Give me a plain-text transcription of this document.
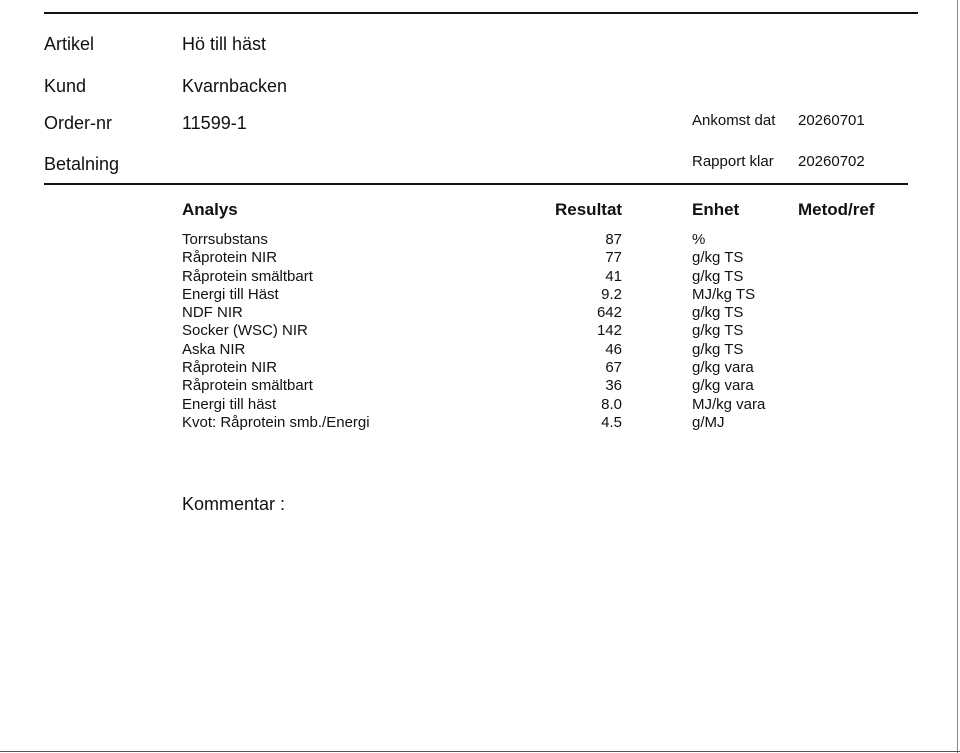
Artikel	Hö till häst
Kund	Kvarnbacken
Order-nr	11599-1	Ankomst dat 20260701
Betalning	Rapport klar 20260702
Analys	Resultat	Enhet	Metod/ref
Torrsubstans	87	%
Råprotein NIR	77	g/kg TS
Råprotein smältbart	41	g/kg TS
Energi till Häst	9.2	MJ/kg TS
NDF NIR	642	g/kg TS
Socker (WSC) NIR	142	g/kg TS
Aska NIR	46	g/kg TS
Råprotein NIR	67	g/kg vara
Råprotein smältbart	36	g/kg vara
Energi till häst	8.0	MJ/kg vara
Kvot: Råprotein smb./Energi	4.5	g/MJ
Kommentar :
